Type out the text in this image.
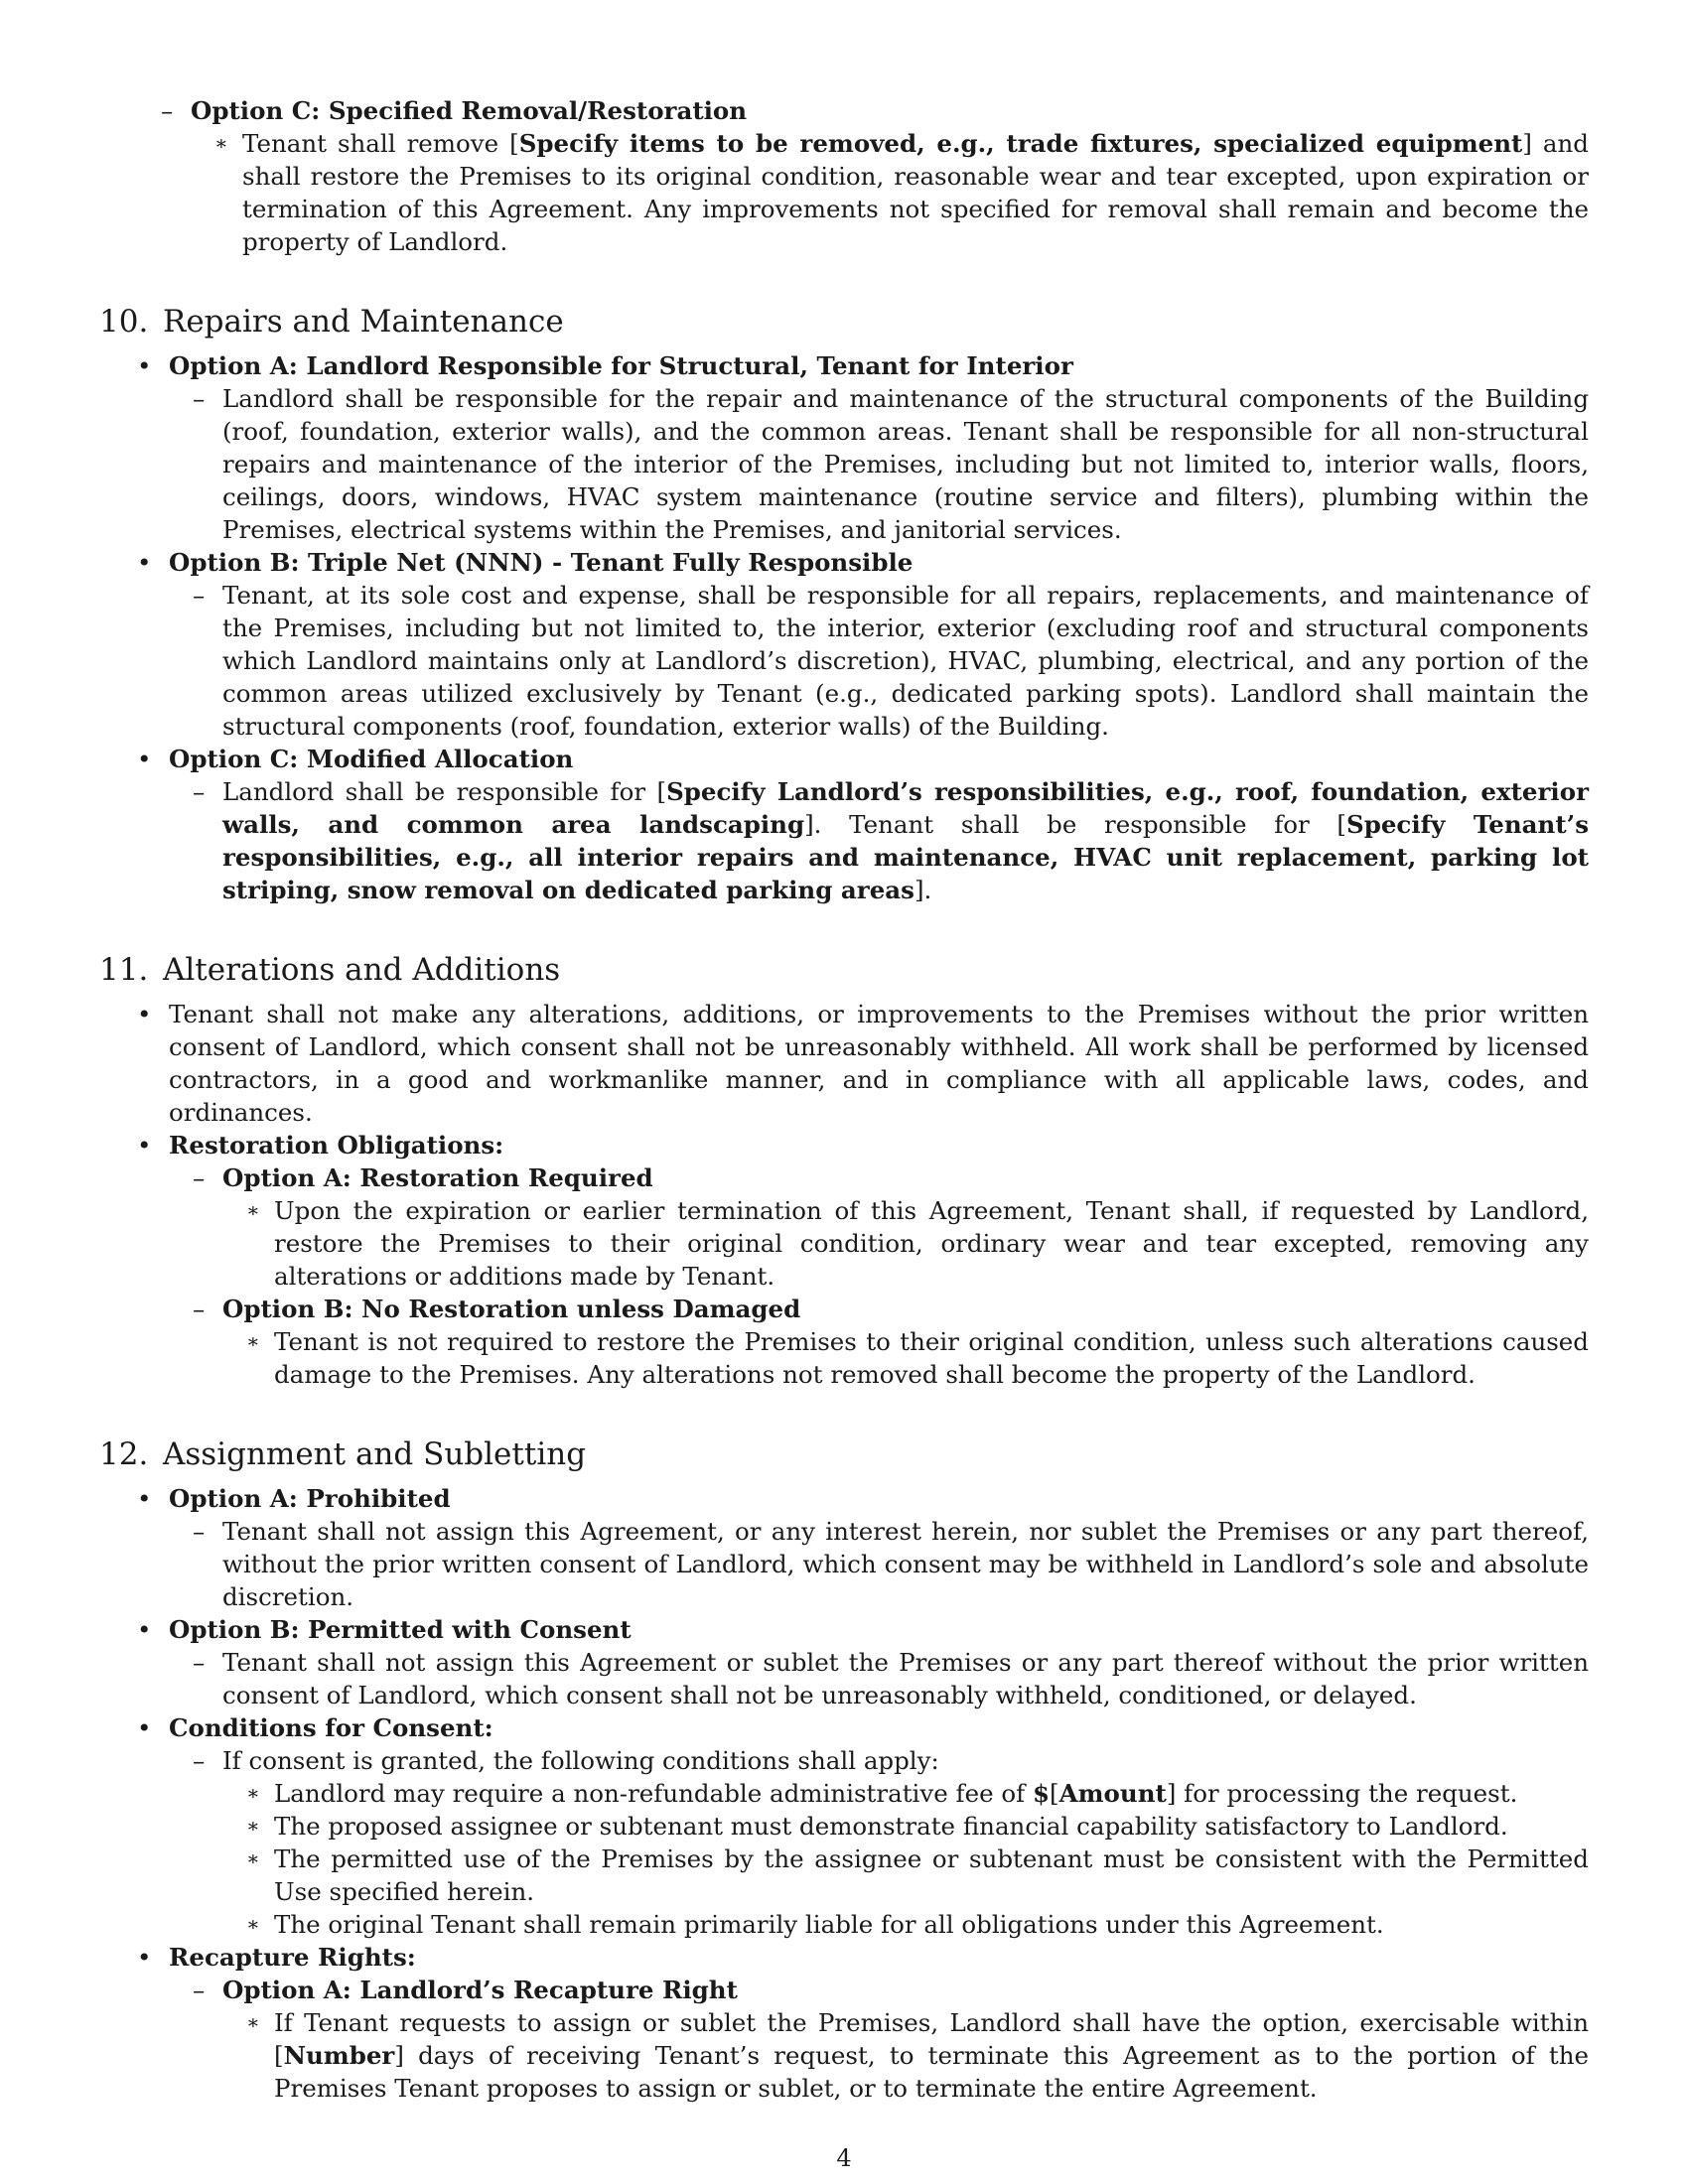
– Option C: Specified Removal/Restoration
∗ Tenant shall remove [Specify items to be removed, e.g., trade fixtures, specialized equipment] and shall restore the Premises to its original condition, reasonable wear and tear excepted, upon expiration or termination of this Agreement. Any improvements not specified for removal shall remain and become the property of Landlord.
10. Repairs and Maintenance
• Option A: Landlord Responsible for Structural, Tenant for Interior
– Landlord shall be responsible for the repair and maintenance of the structural components of the Building (roof, foundation, exterior walls), and the common areas. Tenant shall be responsible for all non-structural repairs and maintenance of the interior of the Premises, including but not limited to, interior walls, floors, ceilings, doors, windows, HVAC system maintenance (routine service and filters), plumbing within the Premises, electrical systems within the Premises, and janitorial services.
• Option B: Triple Net (NNN) - Tenant Fully Responsible
– Tenant, at its sole cost and expense, shall be responsible for all repairs, replacements, and maintenance of the Premises, including but not limited to, the interior, exterior (excluding roof and structural components which Landlord maintains only at Landlord’s discretion), HVAC, plumbing, electrical, and any portion of the common areas utilized exclusively by Tenant (e.g., dedicated parking spots). Landlord shall maintain the structural components (roof, foundation, exterior walls) of the Building.
• Option C: Modified Allocation
– Landlord shall be responsible for [Specify Landlord’s responsibilities, e.g., roof, foundation, exterior walls, and common area landscaping]. Tenant shall be responsible for [Specify Tenant’s responsibilities, e.g., all interior repairs and maintenance, HVAC unit replacement, parking lot striping, snow removal on dedicated parking areas].
11. Alterations and Additions
• Tenant shall not make any alterations, additions, or improvements to the Premises without the prior written consent of Landlord, which consent shall not be unreasonably withheld. All work shall be performed by licensed contractors, in a good and workmanlike manner, and in compliance with all applicable laws, codes, and ordinances.
• Restoration Obligations:
– Option A: Restoration Required
∗ Upon the expiration or earlier termination of this Agreement, Tenant shall, if requested by Landlord, restore the Premises to their original condition, ordinary wear and tear excepted, removing any alterations or additions made by Tenant.
– Option B: No Restoration unless Damaged
∗ Tenant is not required to restore the Premises to their original condition, unless such alterations caused damage to the Premises. Any alterations not removed shall become the property of the Landlord.
12. Assignment and Subletting
• Option A: Prohibited
– Tenant shall not assign this Agreement, or any interest herein, nor sublet the Premises or any part thereof, without the prior written consent of Landlord, which consent may be withheld in Landlord’s sole and absolute discretion.
• Option B: Permitted with Consent
– Tenant shall not assign this Agreement or sublet the Premises or any part thereof without the prior written consent of Landlord, which consent shall not be unreasonably withheld, conditioned, or delayed.
• Conditions for Consent:
– If consent is granted, the following conditions shall apply:
∗ Landlord may require a non-refundable administrative fee of $[Amount] for processing the request.
∗ The proposed assignee or subtenant must demonstrate financial capability satisfactory to Landlord.
∗ The permitted use of the Premises by the assignee or subtenant must be consistent with the Permitted Use specified herein.
∗ The original Tenant shall remain primarily liable for all obligations under this Agreement.
• Recapture Rights:
– Option A: Landlord’s Recapture Right
∗ If Tenant requests to assign or sublet the Premises, Landlord shall have the option, exercisable within [Number] days of receiving Tenant’s request, to terminate this Agreement as to the portion of the Premises Tenant proposes to assign or sublet, or to terminate the entire Agreement.
4
